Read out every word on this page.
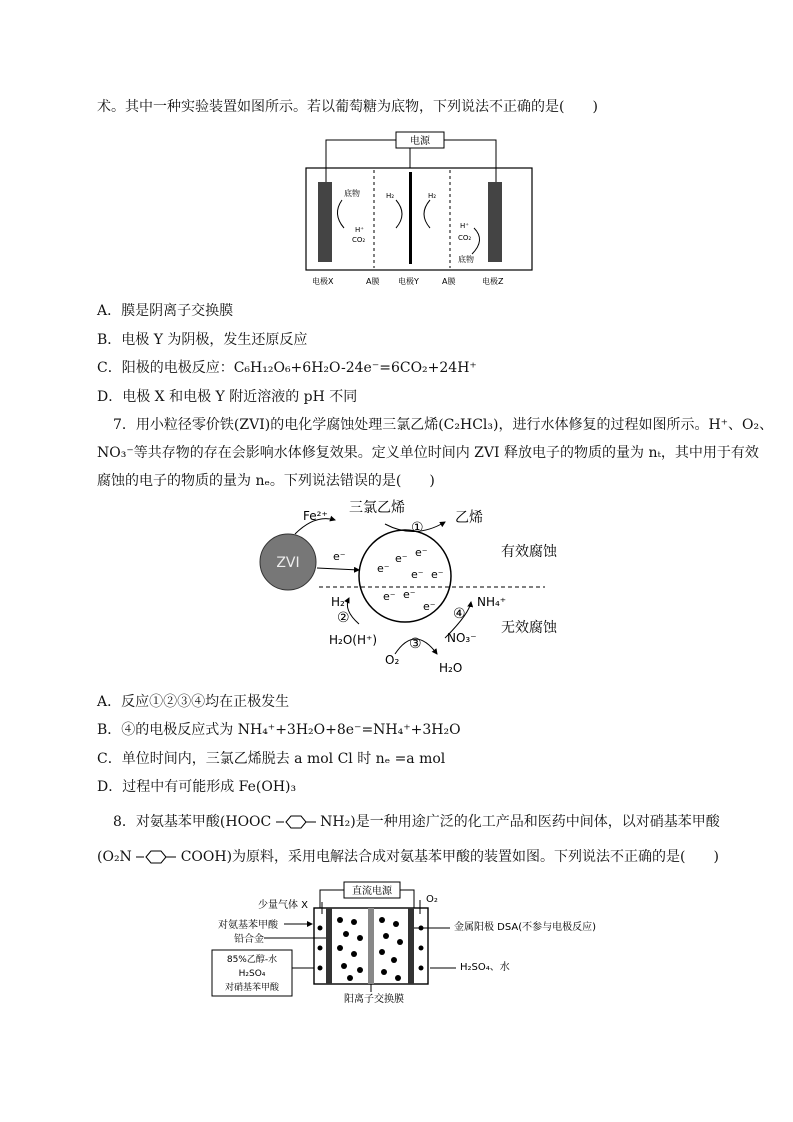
术。其中一种实验装置如图所示。若以葡萄糖为底物，下列说法不正确的是(　　)
电源
底物
H⁺
CO₂
H₂	H₂
H⁺
CO₂
底物
电极X	A膜 电极Y	A膜	电极Z
A．膜是阴离子交换膜
B．电极 Y 为阴极，发生还原反应
C．阳极的电极反应：C₆H₁₂O₆+6H₂O-24e⁻=6CO₂+24H⁺
D．电极 X 和电极 Y 附近溶液的 pH 不同
7．用小粒径零价铁(ZVI)的电化学腐蚀处理三氯乙烯(C₂HCl₃)，进行水体修复的过程如图所示。H⁺、O₂、
NO₃⁻等共存物的存在会影响水体修复效果。定义单位时间内 ZVI 释放电子的物质的量为 nₜ，其中用于有效
腐蚀的电子的物质的量为 nₑ。下列说法错误的是(　　)
ZVI
Fe²⁺
e⁻
e⁻
e⁻ e⁻
e⁻ e⁻
e⁻ e⁻
e⁻
三氯乙烯
①
乙烯
有效腐蚀
无效腐蚀
H₂
②
H₂O(H⁺)
O₂
③
H₂O
NH₄⁺
④
NO₃⁻
A．反应①②③④均在正极发生
B．④的电极反应式为 NH₄⁺+3H₂O+8e⁻=NH₄⁺+3H₂O
C．单位时间内，三氯乙烯脱去 a mol Cl 时 nₑ =a mol
D．过程中有可能形成 Fe(OH)₃
8．对氨基苯甲酸(HOOC	NH₂)是一种用途广泛的化工产品和医药中间体，以对硝基苯甲酸
(O₂N	COOH)为原料，采用电解法合成对氨基苯甲酸的装置如图。下列说法不正确的是(　　)
直流电源
少量气体 X
O₂
对氨基苯甲酸
铅合金
85%乙醇-水
H₂SO₄
对硝基苯甲酸
金属阳极 DSA(不参与电极反应)
H₂SO₄、水
阳离子交换膜
